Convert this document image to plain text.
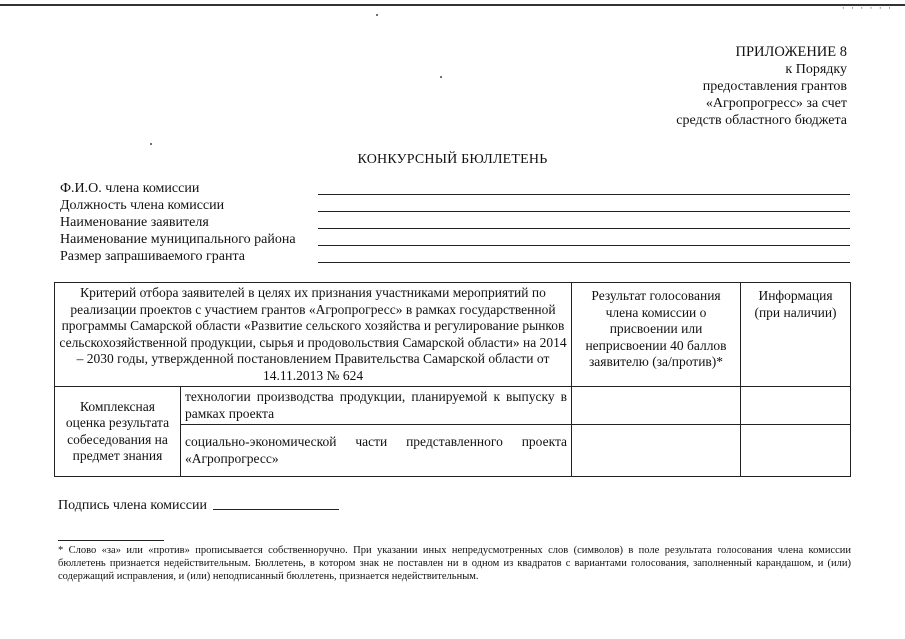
· · · · · ·
ПРИЛОЖЕНИЕ 8
к Порядку
предоставления грантов
«Агропрогресс» за счет
средств областного бюджета
КОНКУРСНЫЙ БЮЛЛЕТЕНЬ
Ф.И.О. члена комиссии
Должность члена комиссии
Наименование заявителя
Наименование муниципального района
Размер запрашиваемого гранта
Критерий отбора заявителей в целях их признания участниками мероприятий по реализации проектов с участием грантов «Агропрогресс» в рамках государственной программы Самарской области «Развитие сельского хозяйства и регулирование рынков сельскохозяйственной продукции, сырья и продовольствия Самарской области» на 2014 – 2030 годы, утвержденной постановлением Правительства Самарской области от 14.11.2013 № 624		Результат голосования члена комиссии о присвоении или неприсвоении 40 баллов заявителю (за/против)*	Информация (при наличии)
Комплексная оценка результата собеседования на предмет знания	технологии производства продукции, планируемой к выпуску в рамках проекта		
	социально-экономической части представленного проекта «Агропрогресс»		
Подпись члена комиссии
* Слово «за» или «против» прописывается собственноручно. При указании иных непредусмотренных слов (символов) в поле результата голосования члена комиссии бюллетень признается недействительным. Бюллетень, в котором знак не поставлен ни в одном из квадратов с вариантами голосования, заполненный карандашом, и (или) содержащий исправления, и (или) неподписанный бюллетень, признается недействительным.
